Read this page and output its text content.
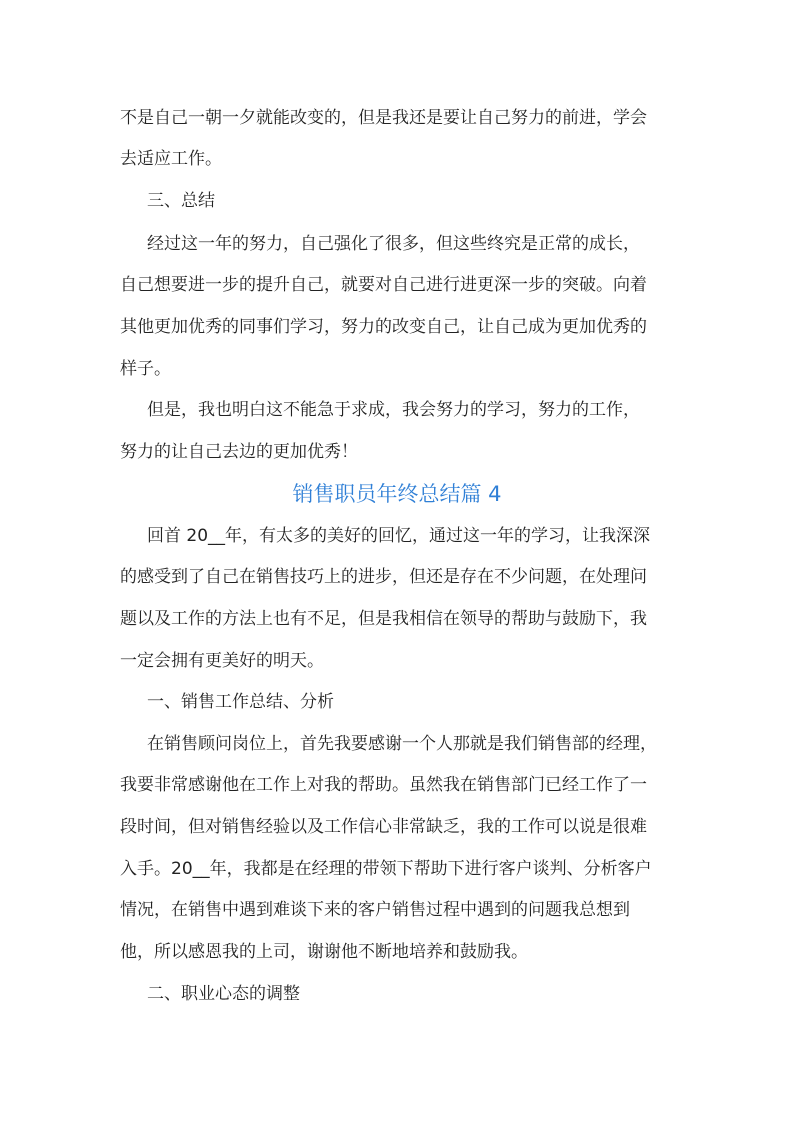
不是自己一朝一夕就能改变的，但是我还是要让自己努力的前进，学会
去适应工作。
三、总结
经过这一年的努力，自己强化了很多，但这些终究是正常的成长，
自己想要进一步的提升自己，就要对自己进行进更深一步的突破。向着
其他更加优秀的同事们学习，努力的改变自己，让自己成为更加优秀的
样子。
但是，我也明白这不能急于求成，我会努力的学习，努力的工作，
努力的让自己去边的更加优秀！
销售职员年终总结篇 4
回首 20__年，有太多的美好的回忆，通过这一年的学习，让我深深
的感受到了自己在销售技巧上的进步，但还是存在不少问题，在处理问
题以及工作的方法上也有不足，但是我相信在领导的帮助与鼓励下，我
一定会拥有更美好的明天。
一、销售工作总结、分析
在销售顾问岗位上，首先我要感谢一个人那就是我们销售部的经理，
我要非常感谢他在工作上对我的帮助。虽然我在销售部门已经工作了一
段时间，但对销售经验以及工作信心非常缺乏，我的工作可以说是很难
入手。20__年，我都是在经理的带领下帮助下进行客户谈判、分析客户
情况，在销售中遇到难谈下来的客户销售过程中遇到的问题我总想到
他，所以感恩我的上司，谢谢他不断地培养和鼓励我。
二、职业心态的调整
